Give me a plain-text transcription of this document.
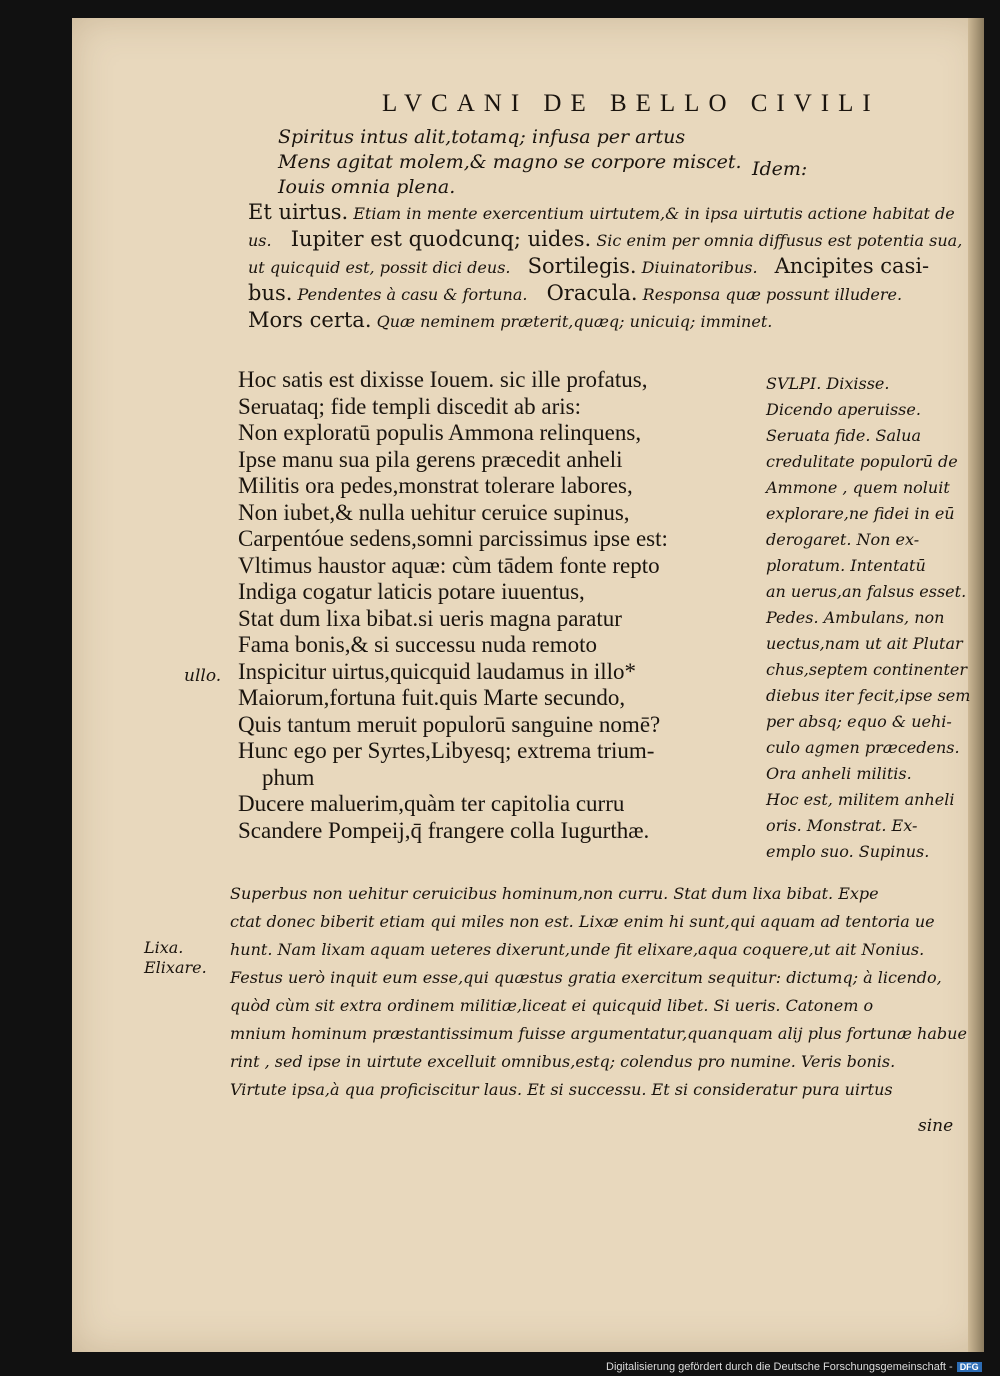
LVCANI DE BELLO CIVILI
Spiritus intus alit,totamq; infusa per artus
Mens agitat molem,& magno se corpore miscet.
Iouis omnia plena.
Idem:
Et uirtus. Etiam in mente exercentium uirtutem,& in ipsa uirtutis actione habitat de
us. Iupiter est quodcunq; uides. Sic enim per omnia diffusus est potentia sua,
ut quicquid est, possit dici deus. Sortilegis. Diuinatoribus. Ancipites casi-
bus. Pendentes à casu & fortuna. Oracula. Responsa quæ possunt illudere.
Mors certa. Quæ neminem præterit,quæq; unicuiq; imminet.
ullo.
Hoc satis est dixisse Iouem. sic ille profatus,
Seruataq; fide templi discedit ab aris:
Non exploratū populis Ammona relinquens,
Ipse manu sua pila gerens præcedit anheli
Militis ora pedes,monstrat tolerare labores,
Non iubet,& nulla uehitur ceruice supinus,
Carpentóue sedens,somni parcissimus ipse est:
Vltimus haustor aquæ: cùm tādem fonte repto
Indiga cogatur laticis potare iuuentus,
Stat dum lixa bibat.si ueris magna paratur
Fama bonis,& si successu nuda remoto
Inspicitur uirtus,quicquid laudamus in illo*
Maiorum,fortuna fuit.quis Marte secundo,
Quis tantum meruit populorū sanguine nomē?
Hunc ego per Syrtes,Libyesq; extrema trium-
phum
Ducere maluerim,quàm ter capitolia curru
Scandere Pompeij,q̄ frangere colla Iugurthæ.
SVLPI. Dixisse.
Dicendo aperuisse.
Seruata fide. Salua
credulitate populorū de
Ammone , quem noluit
explorare,ne fidei in eū
derogaret. Non ex-
ploratum. Intentatū
an uerus,an falsus esset.
Pedes. Ambulans, non
uectus,nam ut ait Plutar
chus,septem continenter
diebus iter fecit,ipse sem
per absq; equo & uehi-
culo agmen præcedens.
Ora anheli militis.
Hoc est, militem anheli
oris. Monstrat. Ex-
emplo suo. Supinus.
Lixa.
Elixare.
Superbus non uehitur ceruicibus hominum,non curru. Stat dum lixa bibat. Expe
ctat donec biberit etiam qui miles non est. Lixæ enim hi sunt,qui aquam ad tentoria ue
hunt. Nam lixam aquam ueteres dixerunt,unde fit elixare,aqua coquere,ut ait Nonius.
Festus uerò inquit eum esse,qui quæstus gratia exercitum sequitur: dictumq; à licendo,
quòd cùm sit extra ordinem militiæ,liceat ei quicquid libet. Si ueris. Catonem o
mnium hominum præstantissimum fuisse argumentatur,quanquam alij plus fortunæ habue
rint , sed ipse in uirtute excelluit omnibus,estq; colendus pro numine. Veris bonis.
Virtute ipsa,à qua proficiscitur laus. Et si successu. Et si consideratur pura uirtus
sine
Digitalisierung gefördert durch die Deutsche Forschungsgemeinschaft - DFG
